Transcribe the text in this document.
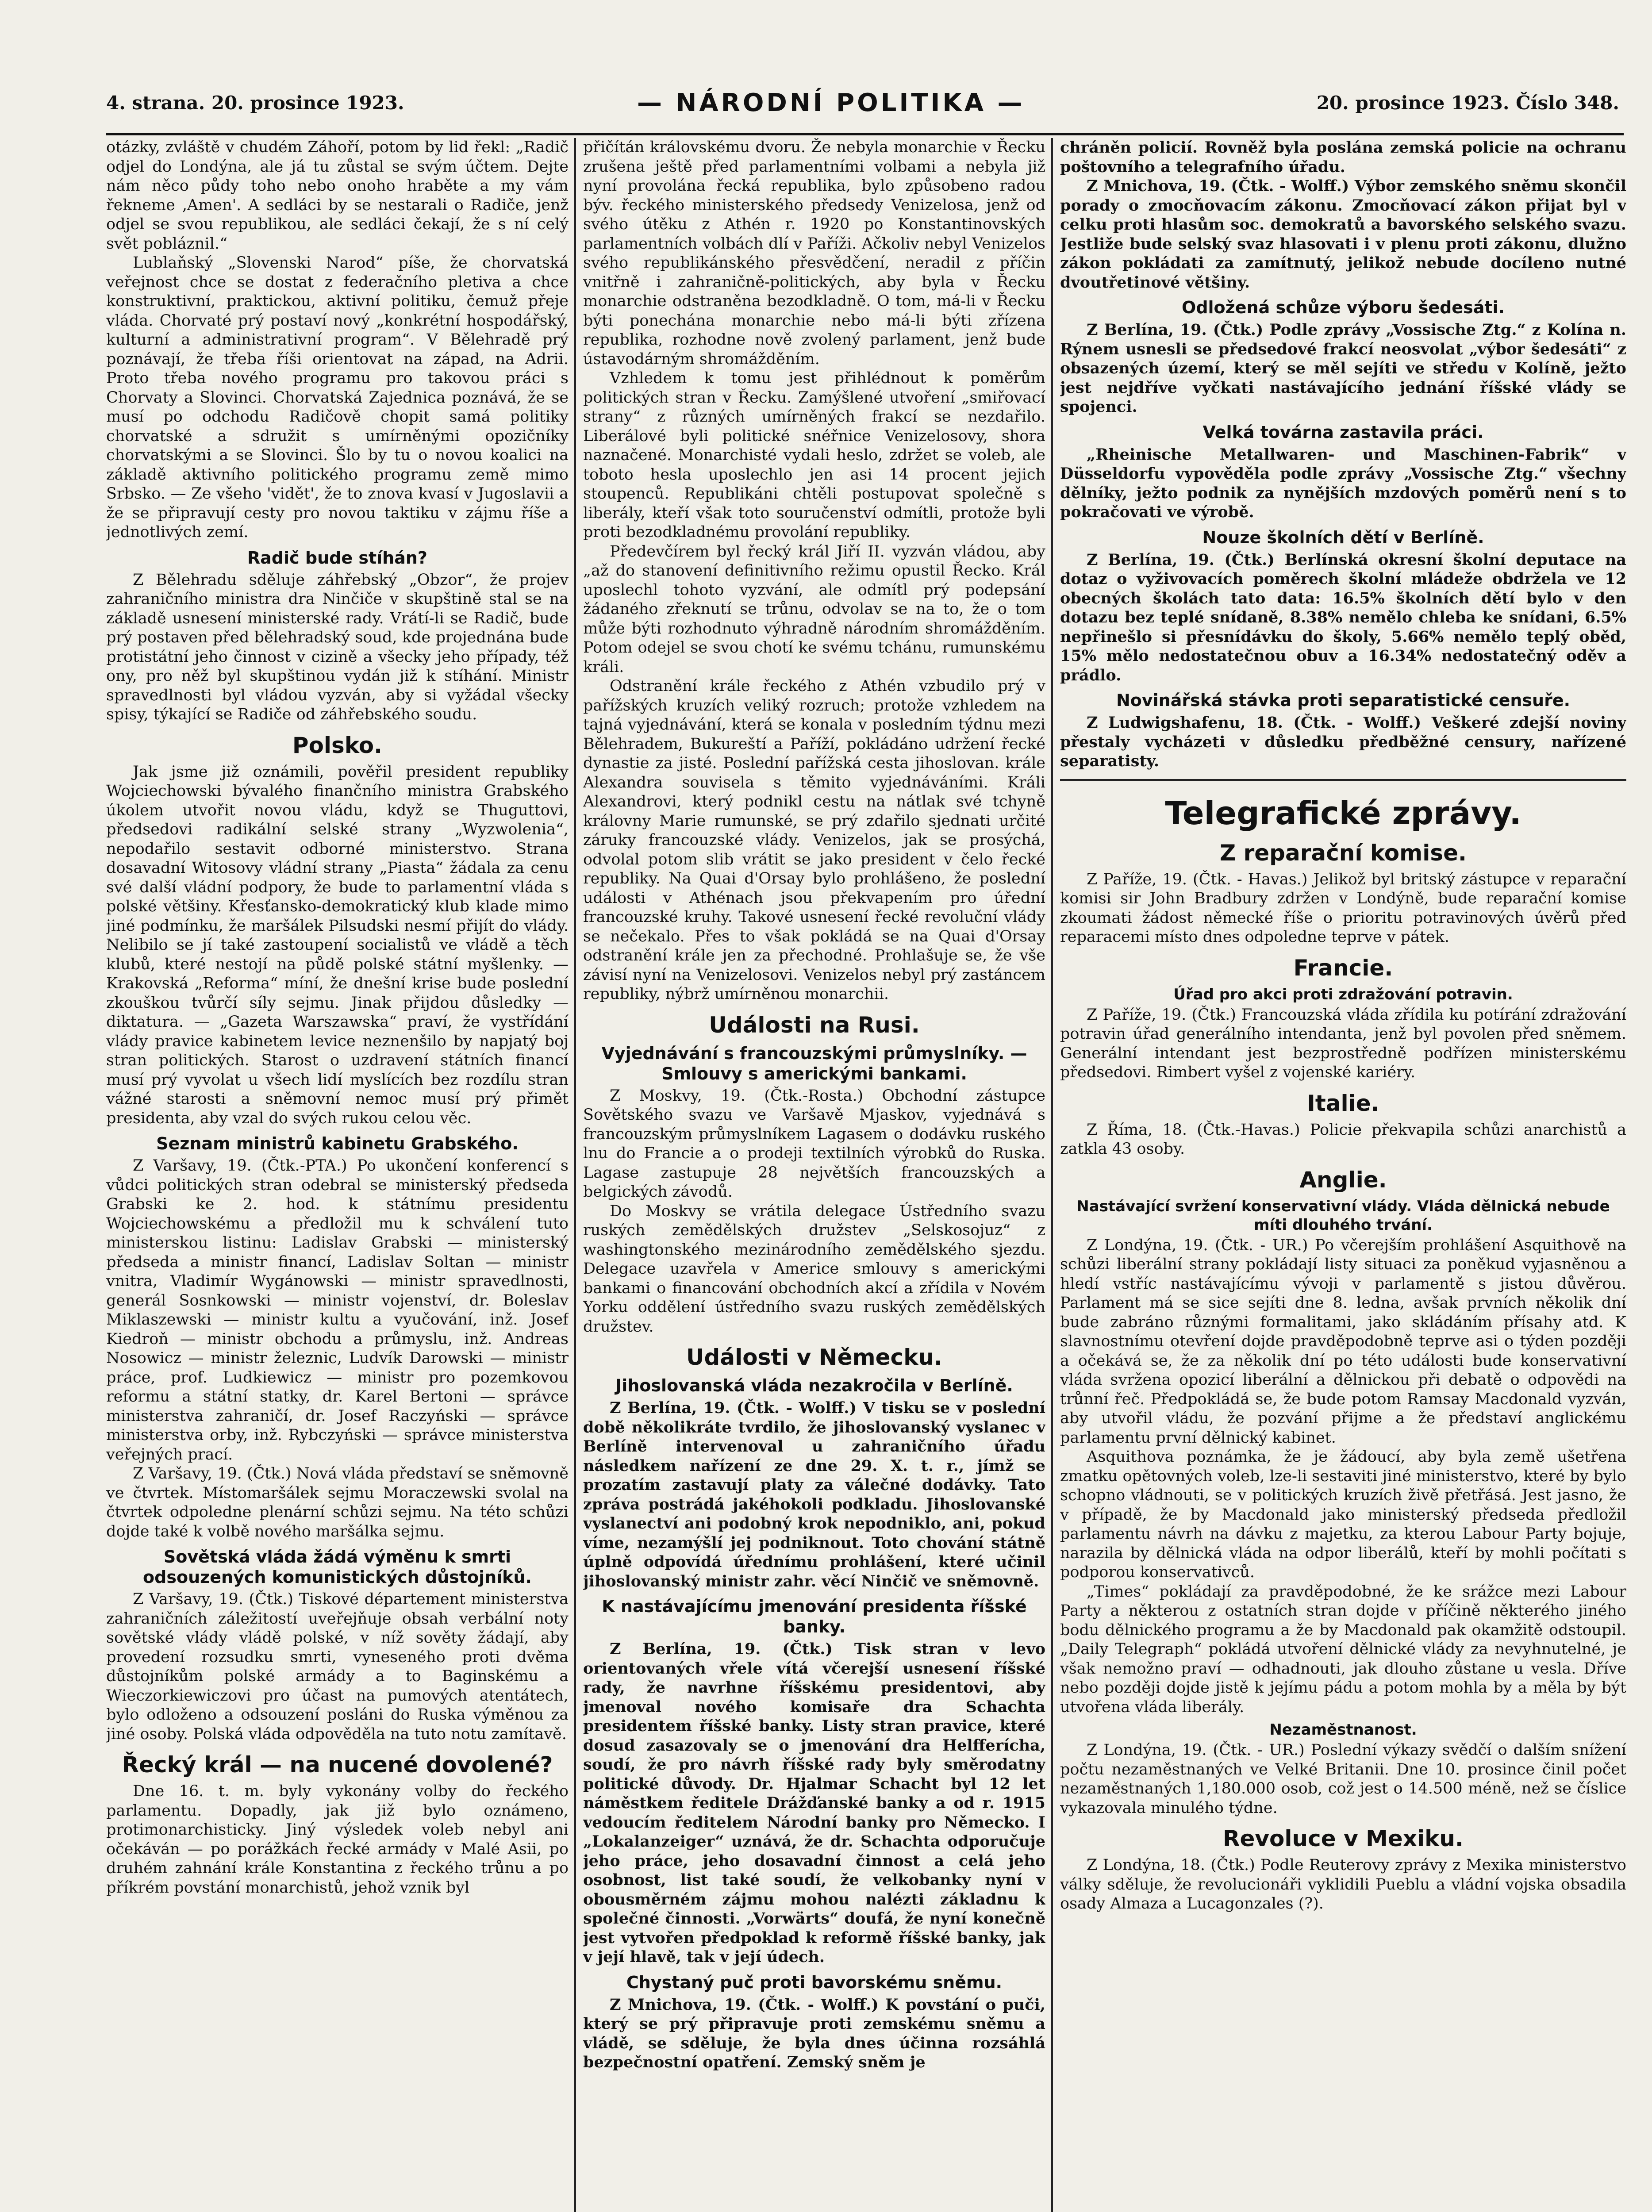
4. strana. 20. prosince 1923.	— NÁRODNÍ POLITIKA —	20. prosince 1923. Číslo 348.

otázky, zvláště v chudém Záhoří, potom by lid řekl: „Radič odjel do Londýna, ale já tu zůstal se svým účtem. Dejte nám něco půdy toho nebo onoho hraběte a my vám řekneme ‚Amen'. A sedláci by se nestarali o Radiče, jenž odjel se svou republikou, ale sedláci čekají, že s ní celý svět pobláznil.“

Lublaňský „Slovenski Narod“ píše, že chorvatská veřejnost chce se dostat z federačního pletiva a chce konstruktivní, praktickou, aktivní politiku, čemuž přeje vláda. Chorvaté prý postaví nový „konkrétní hospodářský, kulturní a administrativní program“. V Bělehradě prý poznávají, že třeba říši orientovat na západ, na Adrii. Proto třeba nového programu pro takovou práci s Chorvaty a Slovinci. Chorvatská Zajednica poznává, že se musí po odchodu Radičově chopit samá politiky chorvatské a sdružit s umírněnými opozičníky chorvatskými a se Slovinci. Šlo by tu o novou koalici na základě aktivního politického programu země mimo Srbsko. — Ze všeho 'vidět', že to znova kvasí v Jugoslavii a že se připravují cesty pro novou taktiku v zájmu říše a jednotlivých zemí.

Radič bude stíhán?

Z Bělehradu sděluje záhřebský „Obzor“, že projev zahraničního ministra dra Ninčiče v skupštině stal se na základě usnesení ministerské rady. Vrátí-li se Radič, bude prý postaven před bělehradský soud, kde projednána bude protistátní jeho činnost v cizině a všecky jeho případy, též ony, pro něž byl skupštinou vydán již k stíhání. Ministr spravedlnosti byl vládou vyzván, aby si vyžádal všecky spisy, týkající se Radiče od záhřebského soudu.

Polsko.

Jak jsme již oznámili, pověřil president republiky Wojciechowski bývalého finančního ministra Grabského úkolem utvořit novou vládu, když se Thuguttovi, předsedovi radikální selské strany „Wyzwolenia“, nepodařilo sestavit odborné ministerstvo. Strana dosavadní Witosovy vládní strany „Piasta“ žádala za cenu své další vládní podpory, že bude to parlamentní vláda s polské většiny. Křesťansko-demokratický klub klade mimo jiné podmínku, že maršálek Pilsudski nesmí přijít do vlády. Nelibilo se jí také zastoupení socialistů ve vládě a těch klubů, které nestojí na půdě polské státní myšlenky. — Krakovská „Reforma“ míní, že dnešní krise bude poslední zkouškou tvůrčí síly sejmu. Jinak přijdou důsledky — diktatura. — „Gazeta Warszawska“ praví, že vystřídání vlády pravice kabinetem levice neznenšilo by napjatý boj stran politických. Starost o uzdravení státních financí musí prý vyvolat u všech lidí myslících bez rozdílu stran vážné starosti a sněmovní nemoc musí prý přimět presidenta, aby vzal do svých rukou celou věc.

Seznam ministrů kabinetu Grabského.

Z Varšavy, 19. (Čtk.-PTA.) Po ukončení konferencí s vůdci politických stran odebral se ministerský předseda Grabski ke 2. hod. k státnímu presidentu Wojciechowskému a předložil mu k schválení tuto ministerskou listinu: Ladislav Grabski — ministerský předseda a ministr financí, Ladislav Soltan — ministr vnitra, Vladimír Wygánowski — ministr spravedlnosti, generál Sosnkowski — ministr vojenství, dr. Boleslav Miklaszewski — ministr kultu a vyučování, inž. Josef Kiedroň — ministr obchodu a průmyslu, inž. Andreas Nosowicz — ministr železnic, Ludvík Darowski — ministr práce, prof. Ludkiewicz — ministr pro pozemkovou reformu a státní statky, dr. Karel Bertoni — správce ministerstva zahraničí, dr. Josef Raczyński — správce ministerstva orby, inž. Rybczyński — správce ministerstva veřejných prací.

Z Varšavy, 19. (Čtk.) Nová vláda představí se sněmovně ve čtvrtek. Místomaršálek sejmu Moraczewski svolal na čtvrtek odpoledne plenární schůzi sejmu. Na této schůzi dojde také k volbě nového maršálka sejmu.

Sovětská vláda žádá výměnu k smrti odsouzených komunistických důstojníků.

Z Varšavy, 19. (Čtk.) Tiskové département ministerstva zahraničních záležitostí uveřejňuje obsah verbální noty sovětské vlády vládě polské, v níž sověty žádají, aby provedení rozsudku smrti, vyneseného proti dvěma důstojníkům polské armády a to Baginskému a Wieczorkiewiczovi pro účast na pumových atentátech, bylo odloženo a odsouzení posláni do Ruska výměnou za jiné osoby. Polská vláda odpověděla na tuto notu zamítavě.

Řecký král — na nucené dovolené?

Dne 16. t. m. byly vykonány volby do řeckého parlamentu. Dopadly, jak již bylo oznámeno, protimonarchisticky. Jiný výsledek voleb nebyl ani očekáván — po porážkách řecké armády v Malé Asii, po druhém zahnání krále Konstantina z řeckého trůnu a po příkrém povstání monarchistů, jehož vznik byl

přičítán královskému dvoru. Že nebyla monarchie v Řecku zrušena ještě před parlamentními volbami a nebyla již nyní provolána řecká republika, bylo způsobeno radou býv. řeckého ministerského předsedy Venizelosa, jenž od svého útěku z Athén r. 1920 po Konstantinovských parlamentních volbách dlí v Paříži. Ačkoliv nebyl Venizelos svého republikánského přesvědčení, neradil z příčin vnitřně i zahraničně-politických, aby byla v Řecku monarchie odstraněna bezodkladně. O tom, má-li v Řecku býti ponechána monarchie nebo má-li býti zřízena republika, rozhodne nově zvolený parlament, jenž bude ústavodárným shromážděním.

Vzhledem k tomu jest přihlédnout k poměrům politických stran v Řecku. Zamýšlené utvoření „smiřovací strany“ z různých umírněných frakcí se nezdařilo. Liberálové byli politické snéřnice Venizelosovy, shora naznačené. Monarchisté vydali heslo, zdržet se voleb, ale toboto hesla uposlechlo jen asi 14 procent jejich stoupenců. Republikáni chtěli postupovat společně s liberály, kteří však toto souručenství odmítli, protože byli proti bezodkladnému provolání republiky.

Předevčírem byl řecký král Jiří II. vyzván vládou, aby „až do stanovení definitivního režimu opustil Řecko. Král uposlechl tohoto vyzvání, ale odmítl prý podepsání žádaného zřeknutí se trůnu, odvolav se na to, že o tom může býti rozhodnuto výhradně národním shromážděním. Potom odejel se svou chotí ke svému tchánu, rumunskému králi.

Odstranění krále řeckého z Athén vzbudilo prý v pařížských kruzích veliký rozruch; protože vzhledem na tajná vyjednávání, která se konala v posledním týdnu mezi Bělehradem, Bukureští a Paříží, pokládáno udržení řecké dynastie za jisté. Poslední pařížská cesta jihoslovan. krále Alexandra souvisela s těmito vyjednáváními. Králi Alexandrovi, který podnikl cestu na nátlak své tchyně královny Marie rumunské, se prý zdařilo sjednati určité záruky francouzské vlády. Venizelos, jak se prosýchá, odvolal potom slib vrátit se jako president v čelo řecké republiky. Na Quai d'Orsay bylo prohlášeno, že poslední události v Athénach jsou překvapením pro úřední francouzské kruhy. Takové usnesení řecké revoluční vlády se nečekalo. Přes to však pokládá se na Quai d'Orsay odstranění krále jen za přechodné. Prohlašuje se, že vše závisí nyní na Venizelosovi. Venizelos nebyl prý zastáncem republiky, nýbrž umírněnou monarchii.

Události na Rusi.
Vyjednávání s francouzskými průmyslníky. — Smlouvy s americkými bankami.

Z Moskvy, 19. (Čtk.-Rosta.) Obchodní zástupce Sovětského svazu ve Varšavě Mjaskov, vyjednává s francouzským průmyslníkem Lagasem o dodávku ruského lnu do Francie a o prodeji textilních výrobků do Ruska. Lagase zastupuje 28 největších francouzských a belgických závodů.

Do Moskvy se vrátila delegace Ústředního svazu ruských zemědělských družstev „Selskosojuz“ z washingtonského mezinárodního zemědělského sjezdu. Delegace uzavřela v Americe smlouvy s americkými bankami o financování obchodních akcí a zřídila v Novém Yorku oddělení ústředního svazu ruských zemědělských družstev.

Události v Německu.
Jihoslovanská vláda nezakročila v Berlíně.

Z Berlína, 19. (Čtk. - Wolff.) V tisku se v poslední době několikráte tvrdilo, že jihoslovanský vyslanec v Berlíně intervenoval u zahraničního úřadu následkem nařízení ze dne 29. X. t. r., jímž se prozatím zastavují platy za válečné dodávky. Tato zpráva postrádá jakéhokoli podkladu. Jihoslovanské vyslanectví ani podobný krok nepodniklo, ani, pokud víme, nezamýšlí jej podniknout. Toto chování státně úplně odpovídá úřednímu prohlášení, které učinil jihoslovanský ministr zahr. věcí Ninčič ve sněmovně.

K nastávajícímu jmenování presidenta říšské banky.

Z Berlína, 19. (Čtk.) Tisk stran v levo orientovaných vřele vítá včerejší usnesení říšské rady, že navrhne říšskému presidentovi, aby jmenoval nového komisaře dra Schachta presidentem říšské banky. Listy stran pravice, které dosud zasazovaly se o jmenování dra Helfferícha, soudí, že pro návrh říšské rady byly směrodatny politické důvody. Dr. Hjalmar Schacht byl 12 let náměstkem ředitele Drážďanské banky a od r. 1915 vedoucím ředitelem Národní banky pro Německo. I „Lokalanzeiger“ uznává, že dr. Schachta odporučuje jeho práce, jeho dosavadní činnost a celá jeho osobnost, list také soudí, že velkobanky nyní v obousměrném zájmu mohou nalézti základnu k společné činnosti. „Vorwärts“ doufá, že nyní konečně jest vytvořen předpoklad k reformě říšské banky, jak v její hlavě, tak v její údech.

Chystaný puč proti bavorskému sněmu.

Z Mnichova, 19. (Čtk. - Wolff.) K povstání o puči, který se prý připravuje proti zemskému sněmu a vládě, se sděluje, že byla dnes účinna rozsáhlá bezpečnostní opatření. Zemský sněm je

chráněn policií. Rovněž byla poslána zemská policie na ochranu poštovního a telegrafního úřadu.

Z Mnichova, 19. (Čtk. - Wolff.) Výbor zemského sněmu skončil porady o zmocňovacím zákonu. Zmocňovací zákon přijat byl v celku proti hlasům soc. demokratů a bavorského selského svazu. Jestliže bude selský svaz hlasovati i v plenu proti zákonu, dlužno zákon pokládati za zamítnutý, jelikož nebude docíleno nutné dvoutřetinové většiny.

Odložená schůze výboru šedesáti.

Z Berlína, 19. (Čtk.) Podle zprávy „Vossische Ztg.“ z Kolína n. Rýnem usnesli se předsedové frakcí neosvolat „výbor šedesáti“ z obsazených území, který se měl sejíti ve středu v Kolíně, ježto jest nejdříve vyčkati nastávajícího jednání říšské vlády se spojenci.

Velká továrna zastavila práci.

„Rheinische Metallwaren- und Maschinen-Fabrik“ v Düsseldorfu vypověděla podle zprávy „Vossische Ztg.“ všechny dělníky, ježto podnik za nynějších mzdových poměrů není s to pokračovati ve výrobě.

Nouze školních dětí v Berlíně.

Z Berlína, 19. (Čtk.) Berlínská okresní školní deputace na dotaz o vyživovacích poměrech školní mládeže obdržela ve 12 obecných školách tato data: 16.5% školních dětí bylo v den dotazu bez teplé snídaně, 8.38% nemělo chleba ke snídani, 6.5% nepřinešlo si přesnídávku do školy, 5.66% nemělo teplý oběd, 15% mělo nedostatečnou obuv a 16.34% nedostatečný oděv a prádlo.

Novinářská stávka proti separatistické censuře.

Z Ludwigshafenu, 18. (Čtk. - Wolff.) Veškeré zdejší noviny přestaly vycházeti v důsledku předběžné censury, nařízené separatisty.

Telegrafické zprávy.
Z reparační komise.

Z Paříže, 19. (Čtk. - Havas.) Jelikož byl britský zástupce v reparační komisi sir John Bradbury zdržen v Londýně, bude reparační komise zkoumati žádost německé říše o prioritu potravinových úvěrů před reparacemi místo dnes odpoledne teprve v pátek.

Francie.
Úřad pro akci proti zdražování potravin.

Z Paříže, 19. (Čtk.) Francouzská vláda zřídila ku potírání zdražování potravin úřad generálního intendanta, jenž byl povolen před sněmem. Generální intendant jest bezprostředně podřízen ministerskému předsedovi. Rimbert vyšel z vojenské kariéry.

Italie.

Z Říma, 18. (Čtk.-Havas.) Policie překvapila schůzi anarchistů a zatkla 43 osoby.

Anglie.
Nastávající svržení konservativní vlády. Vláda dělnická nebude míti dlouhého trvání.

Z Londýna, 19. (Čtk. - UR.) Po včerejším prohlášení Asquithově na schůzi liberální strany pokládají listy situaci za poněkud vyjasněnou a hledí vstříc nastávajícímu vývoji v parlamentě s jistou důvěrou. Parlament má se sice sejíti dne 8. ledna, avšak prvních několik dní bude zabráno různými formalitami, jako skládáním přísahy atd. K slavnostnímu otevření dojde pravděpodobně teprve asi o týden později a očekává se, že za několik dní po této události bude konservativní vláda svržena opozicí liberální a dělnickou při debatě o odpovědi na trůnní řeč. Předpokládá se, že bude potom Ramsay Macdonald vyzván, aby utvořil vládu, že pozvání přijme a že představí anglickému parlamentu první dělnický kabinet.

Asquithova poznámka, že je žádoucí, aby byla země ušetřena zmatku opětovných voleb, lze-li sestaviti jiné ministerstvo, které by bylo schopno vládnouti, se v politických kruzích živě přetřásá. Jest jasno, že v případě, že by Macdonald jako ministerský předseda předložil parlamentu návrh na dávku z majetku, za kterou Labour Party bojuje, narazila by dělnická vláda na odpor liberálů, kteří by mohli počítati s podporou konservativců.

„Times“ pokládají za pravděpodobné, že ke srážce mezi Labour Party a některou z ostatních stran dojde v příčině některého jiného bodu dělnického programu a že by Macdonald pak okamžitě odstoupil. „Daily Telegraph“ pokládá utvoření dělnické vlády za nevyhnutelné, je však nemožno praví — odhadnouti, jak dlouho zůstane u vesla. Dříve nebo později dojde jistě k jejímu pádu a potom mohla by a měla by být utvořena vláda liberály.

Nezaměstnanost.

Z Londýna, 19. (Čtk. - UR.) Poslední výkazy svědčí o dalším snížení počtu nezaměstnaných ve Velké Britanii. Dne 10. prosince činil počet nezaměstnaných 1,180.000 osob, což jest o 14.500 méně, než se číslice vykazovala minulého týdne.

Revoluce v Mexiku.

Z Londýna, 18. (Čtk.) Podle Reuterovy zprávy z Mexika ministerstvo války sděluje, že revolucionáři vyklidili Pueblu a vládní vojska obsadila osady Almaza a Lucagonzales (?).
